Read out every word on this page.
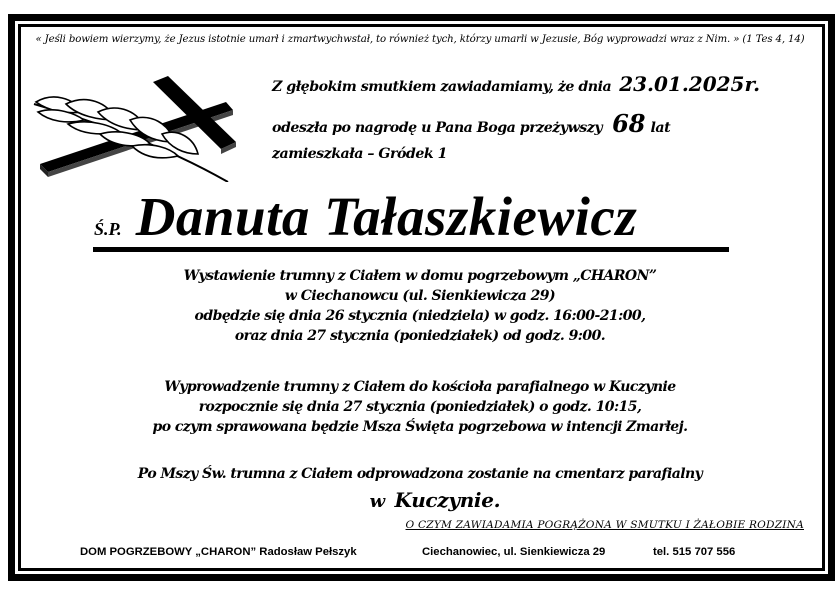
« Jeśli bowiem wierzymy, że Jezus istotnie umarł i zmartwychwstał, to również tych, którzy umarli w Jezusie, Bóg wyprowadzi wraz z Nim. » (1 Tes 4, 14)
Z głębokim smutkiem zawiadamiamy, że dnia 23.01.2025r.
odeszła po nagrodę u Pana Boga przeżywszy 68 lat
zamieszkała – Gródek 1
Ś.P. Danuta Tałaszkiewicz
Wystawienie trumny z Ciałem w domu pogrzebowym „CHARON”
w Ciechanowcu (ul. Sienkiewicza 29)
odbędzie się dnia 26 stycznia (niedziela) w godz. 16:00-21:00,
oraz dnia 27 stycznia (poniedziałek) od godz. 9:00.
Wyprowadzenie trumny z Ciałem do kościoła parafialnego w Kuczynie
rozpocznie się dnia 27 stycznia (poniedziałek) o godz. 10:15,
po czym sprawowana będzie Msza Święta pogrzebowa w intencji Zmarłej.
Po Mszy Św. trumna z Ciałem odprowadzona zostanie na cmentarz parafialny
w Kuczynie.
O CZYM ZAWIADAMIA POGRĄŻONA W SMUTKU I ŻAŁOBIE RODZINA
DOM POGRZEBOWY „CHARON” Radosław Pełszyk	Ciechanowiec, ul. Sienkiewicza 29	tel. 515 707 556
